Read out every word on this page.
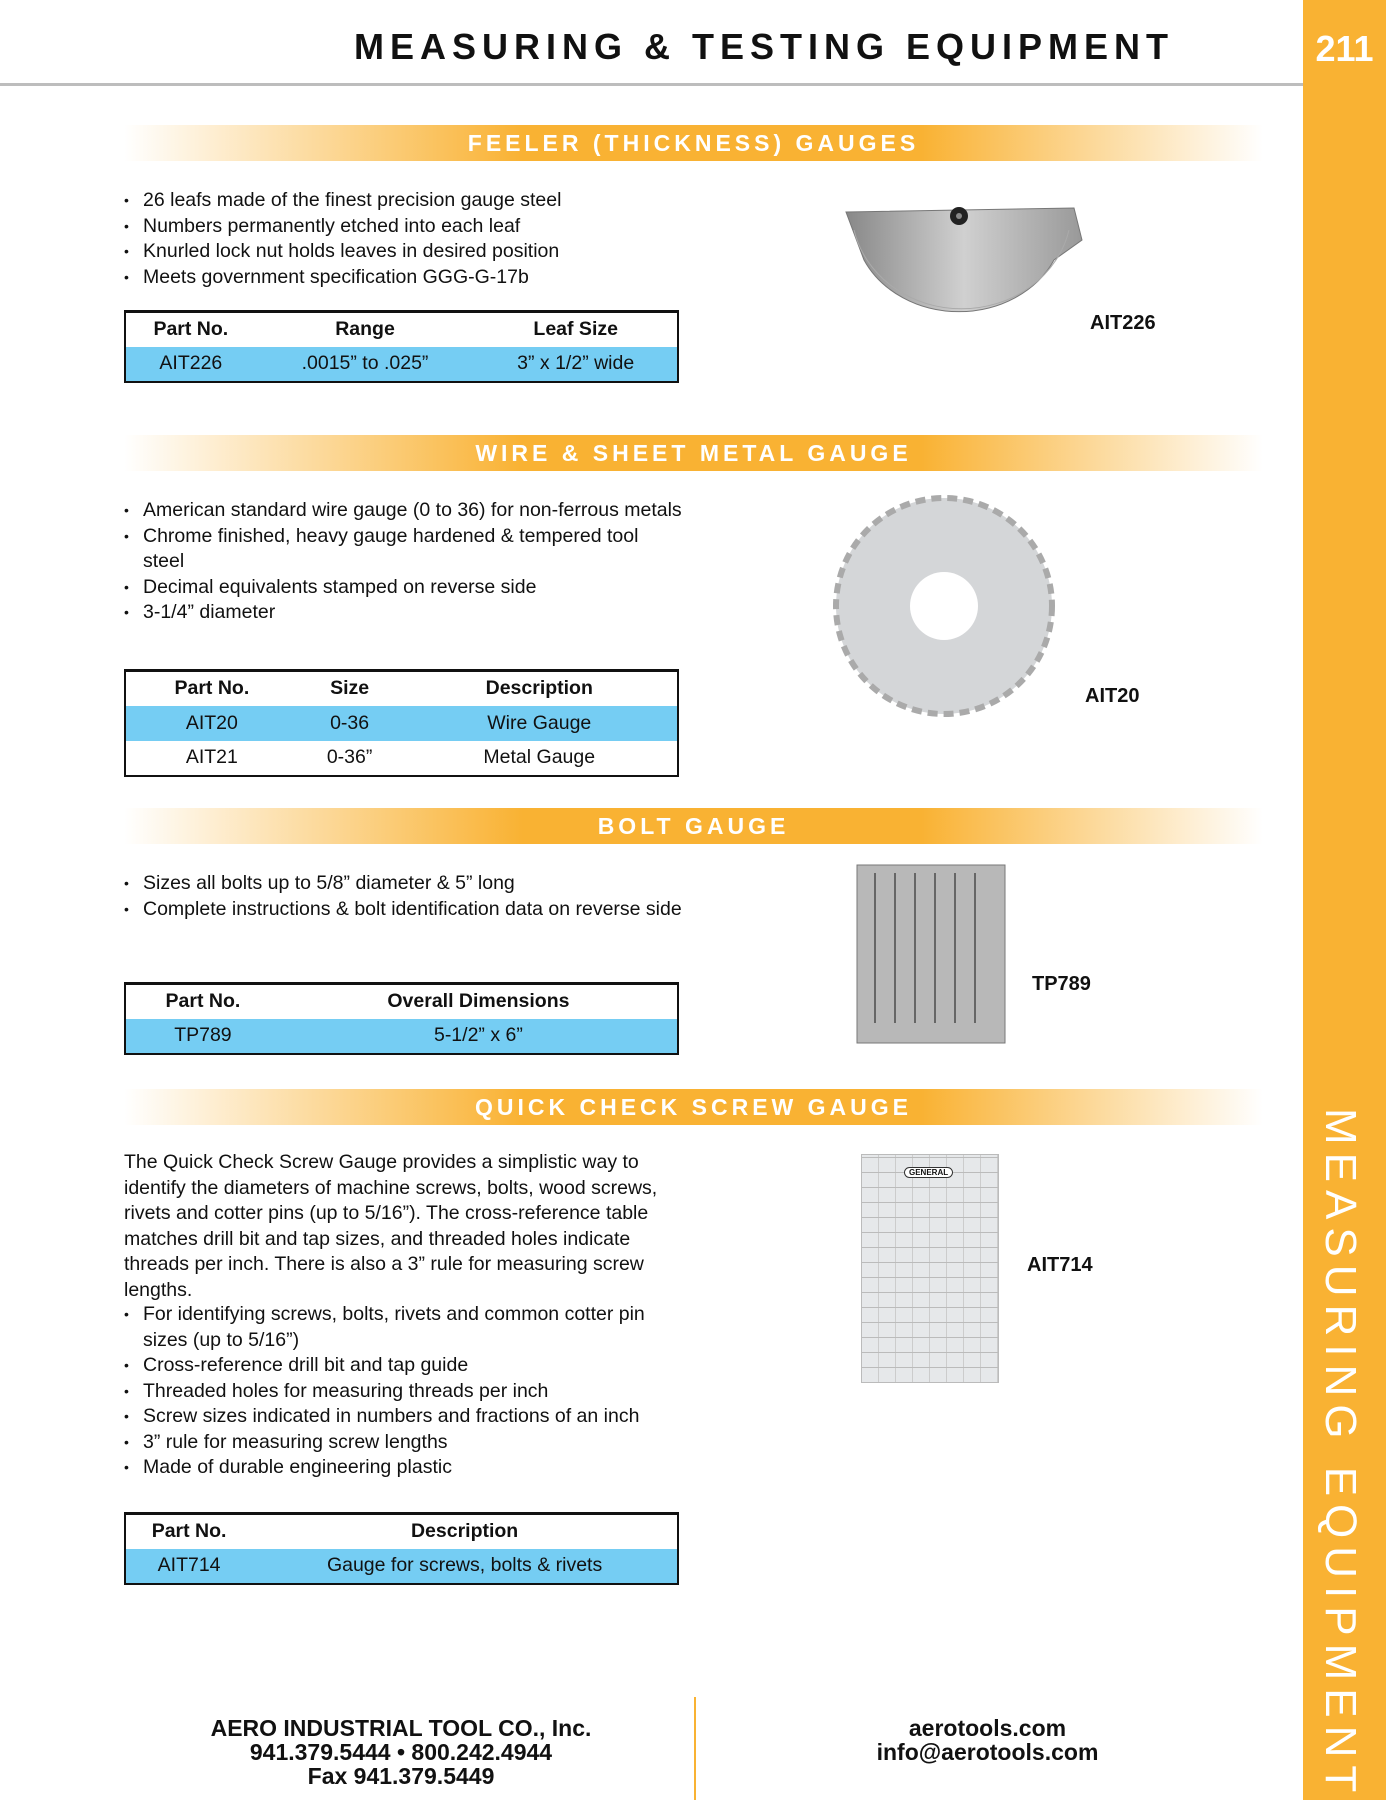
MEASURING & TESTING EQUIPMENT	211
MEASURING EQUIPMENT
FEELER (THICKNESS) GAUGES
• 26 leafs made of the finest precision gauge steel
• Numbers permanently etched into each leaf
• Knurled lock nut holds leaves in desired position
• Meets government specification GGG-G-17b
Part No.	Range	Leaf Size
AIT226	.0015” to .025”	3” x 1/2” wide
AIT226
WIRE & SHEET METAL GAUGE
• American standard wire gauge (0 to 36) for non-ferrous metals
• Chrome finished, heavy gauge hardened & tempered tool steel
• Decimal equivalents stamped on reverse side
• 3-1/4” diameter
Part No.	Size	Description
AIT20	0-36	Wire Gauge
AIT21	0-36”	Metal Gauge
AIT20
BOLT GAUGE
• Sizes all bolts up to 5/8” diameter & 5” long
• Complete instructions & bolt identification data on reverse side
Part No.	Overall Dimensions
TP789	5-1/2” x 6”
TP789
QUICK CHECK SCREW GAUGE

The Quick Check Screw Gauge provides a simplistic way to identify the diameters of machine screws, bolts, wood screws, rivets and cotter pins (up to 5/16”). The cross-reference table matches drill bit and tap sizes, and threaded holes indicate threads per inch. There is also a 3” rule for measuring screw lengths.

• For identifying screws, bolts, rivets and common cotter pin sizes (up to 5/16”)
• Cross-reference drill bit and tap guide
• Threaded holes for measuring threads per inch
• Screw sizes indicated in numbers and fractions of an inch
• 3” rule for measuring screw lengths
• Made of durable engineering plastic
Part No.	Description
AIT714	Gauge for screws, bolts & rivets
GENERAL
AIT714
AERO INDUSTRIAL TOOL CO., Inc.
941.379.5444 • 800.242.4944
Fax 941.379.5449
aerotools.com
info@aerotools.com
